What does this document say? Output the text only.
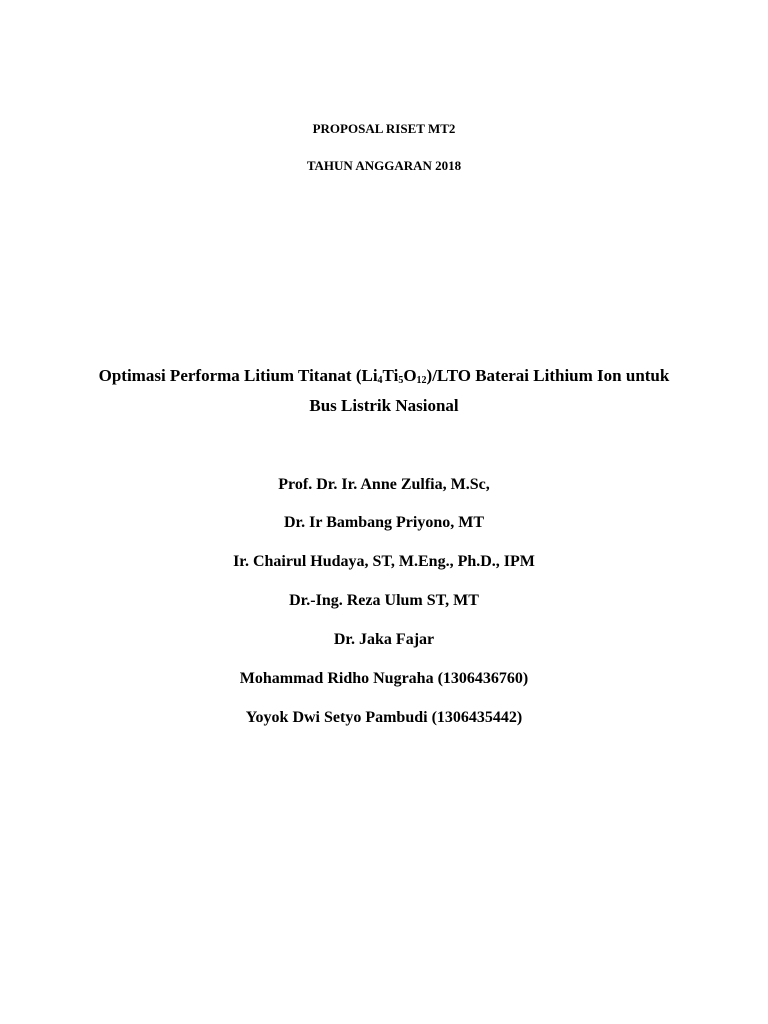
PROPOSAL RISET MT2
TAHUN ANGGARAN 2018
Optimasi Performa Litium Titanat $(Li_4Ti_5O_{12})$/LTO Baterai Lithium Ion untuk
Bus Listrik Nasional
Prof. Dr. Ir. Anne Zulfia, M.Sc,
Dr. Ir Bambang Priyono, MT
Ir. Chairul Hudaya, ST, M.Eng., Ph.D., IPM
Dr.-Ing. Reza Ulum ST, MT
Dr. Jaka Fajar
Mohammad Ridho Nugraha (1306436760)
Yoyok Dwi Setyo Pambudi (1306435442)
